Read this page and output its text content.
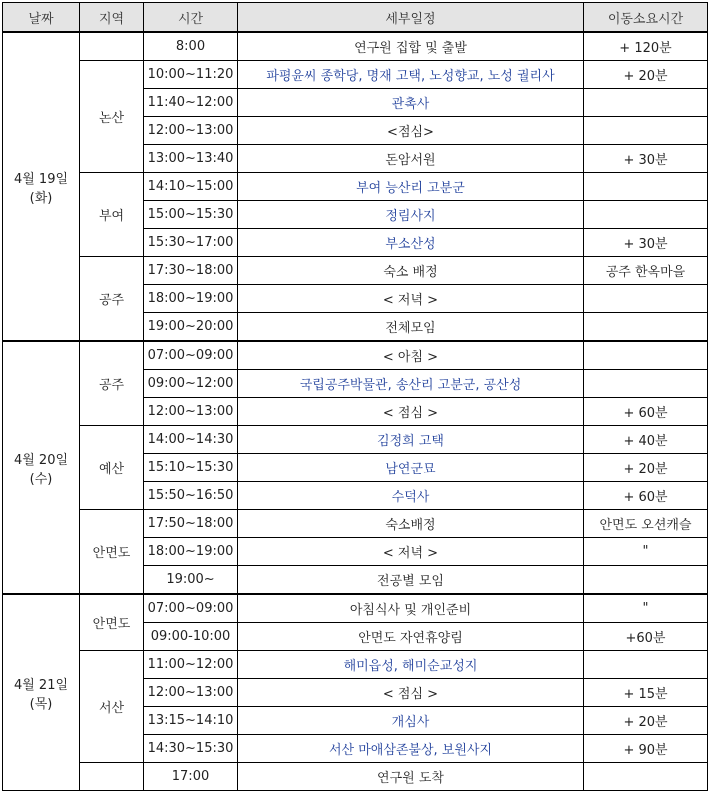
날짜	지역	시간	세부일정	이동소요시간

4월 19일
(화)		8:00	연구원 집합 및 출발	+ 120분
	논산	10:00~11:20	파평윤씨 종학당, 명재 고택, 노성향교, 노성 궐리사	+ 20분
		11:40~12:00	관촉사	
		12:00~13:00	<점심>	
		13:00~13:40	돈암서원	+ 30분
	부여	14:10~15:00	부여 능산리 고분군	
		15:00~15:30	정림사지	
		15:30~17:00	부소산성	+ 30분
	공주	17:30~18:00	숙소 배정	공주 한옥마을
		18:00~19:00	< 저녁 >	
		19:00~20:00	전체모임	

4월 20일
(수)	공주	07:00~09:00	< 아침 >	
		09:00~12:00	국립공주박물관, 송산리 고분군, 공산성	
		12:00~13:00	< 점심 >	+ 60분
	예산	14:00~14:30	김정희 고택	+ 40분
		15:10~15:30	남연군묘	+ 20분
		15:50~16:50	수덕사	+ 60분
	안면도	17:50~18:00	숙소배정	안면도 오션캐슬
		18:00~19:00	< 저녁 >	"
		19:00~	전공별 모임	

4월 21일
(목)	안면도	07:00~09:00	아침식사 및 개인준비	"
		09:00-10:00	안면도 자연휴양림	+60분
	서산	11:00~12:00	해미읍성, 해미순교성지	
		12:00~13:00	< 점심 >	+ 15분
		13:15~14:10	개심사	+ 20분
		14:30~15:30	서산 마애삼존불상, 보원사지	+ 90분
		17:00	연구원 도착	
